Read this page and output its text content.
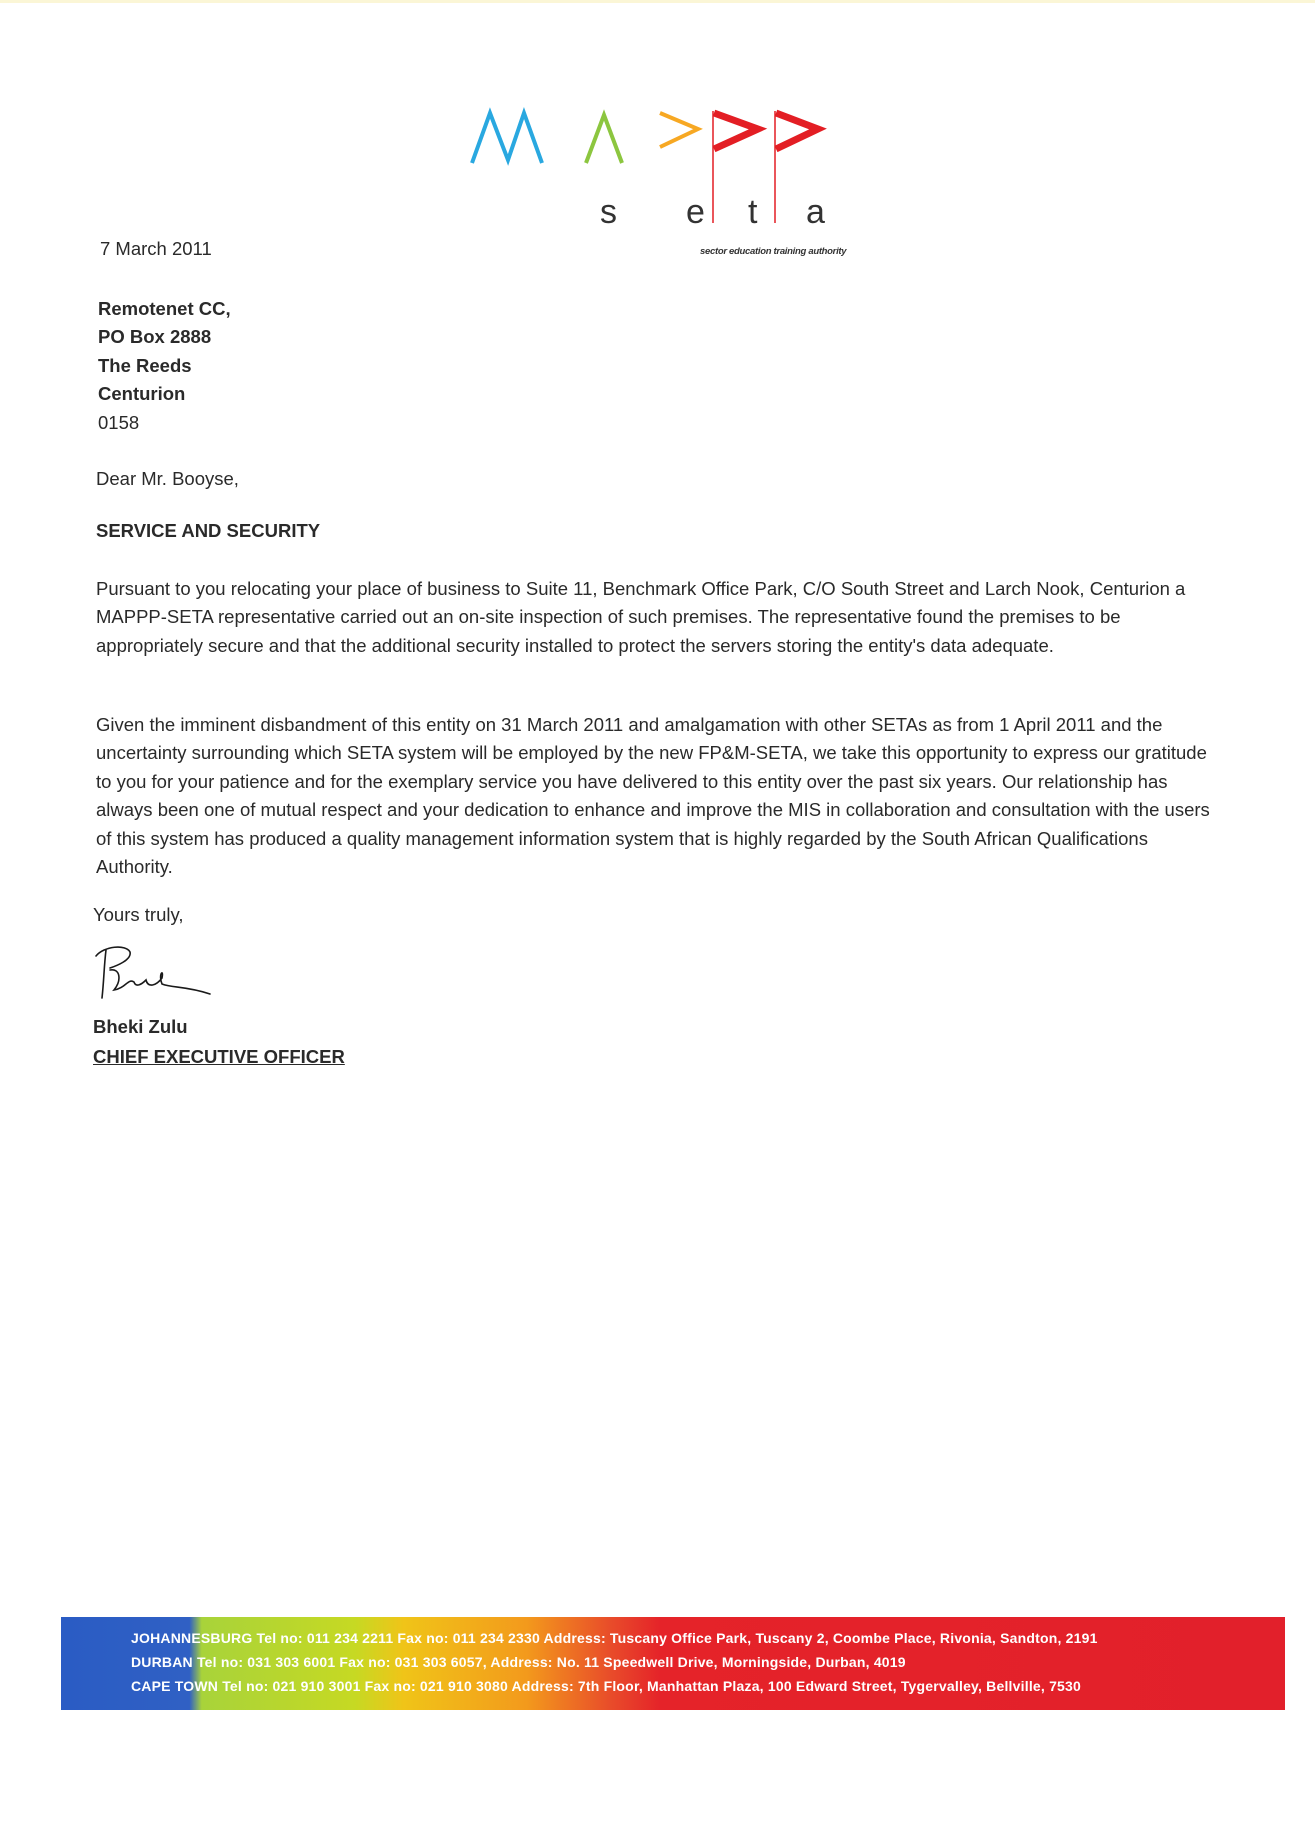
s e t a
sector education training authority
7 March 2011
Remotenet CC,
PO Box 2888
The Reeds
Centurion
0158
Dear Mr. Booyse,
SERVICE AND SECURITY
Pursuant to you relocating your place of business to Suite 11, Benchmark Office Park, C/O South Street and Larch Nook, Centurion a MAPPP-SETA representative carried out an on-site inspection of such premises. The representative found the premises to be appropriately secure and that the additional security installed to protect the servers storing the entity's data adequate.
Given the imminent disbandment of this entity on 31 March 2011 and amalgamation with other SETAs as from 1 April 2011 and the uncertainty surrounding which SETA system will be employed by the new FP&M-SETA, we take this opportunity to express our gratitude to you for your patience and for the exemplary service you have delivered to this entity over the past six years. Our relationship has always been one of mutual respect and your dedication to enhance and improve the MIS in collaboration and consultation with the users of this system has produced a quality management information system that is highly regarded by the South African Qualifications Authority.
Yours truly,
Bheki Zulu
CHIEF EXECUTIVE OFFICER
JOHANNESBURG Tel no: 011 234 2211 Fax no: 011 234 2330 Address: Tuscany Office Park, Tuscany 2, Coombe Place, Rivonia, Sandton, 2191
DURBAN Tel no: 031 303 6001 Fax no: 031 303 6057, Address: No. 11 Speedwell Drive, Morningside, Durban, 4019
CAPE TOWN Tel no: 021 910 3001 Fax no: 021 910 3080 Address: 7th Floor, Manhattan Plaza, 100 Edward Street, Tygervalley, Bellville, 7530
